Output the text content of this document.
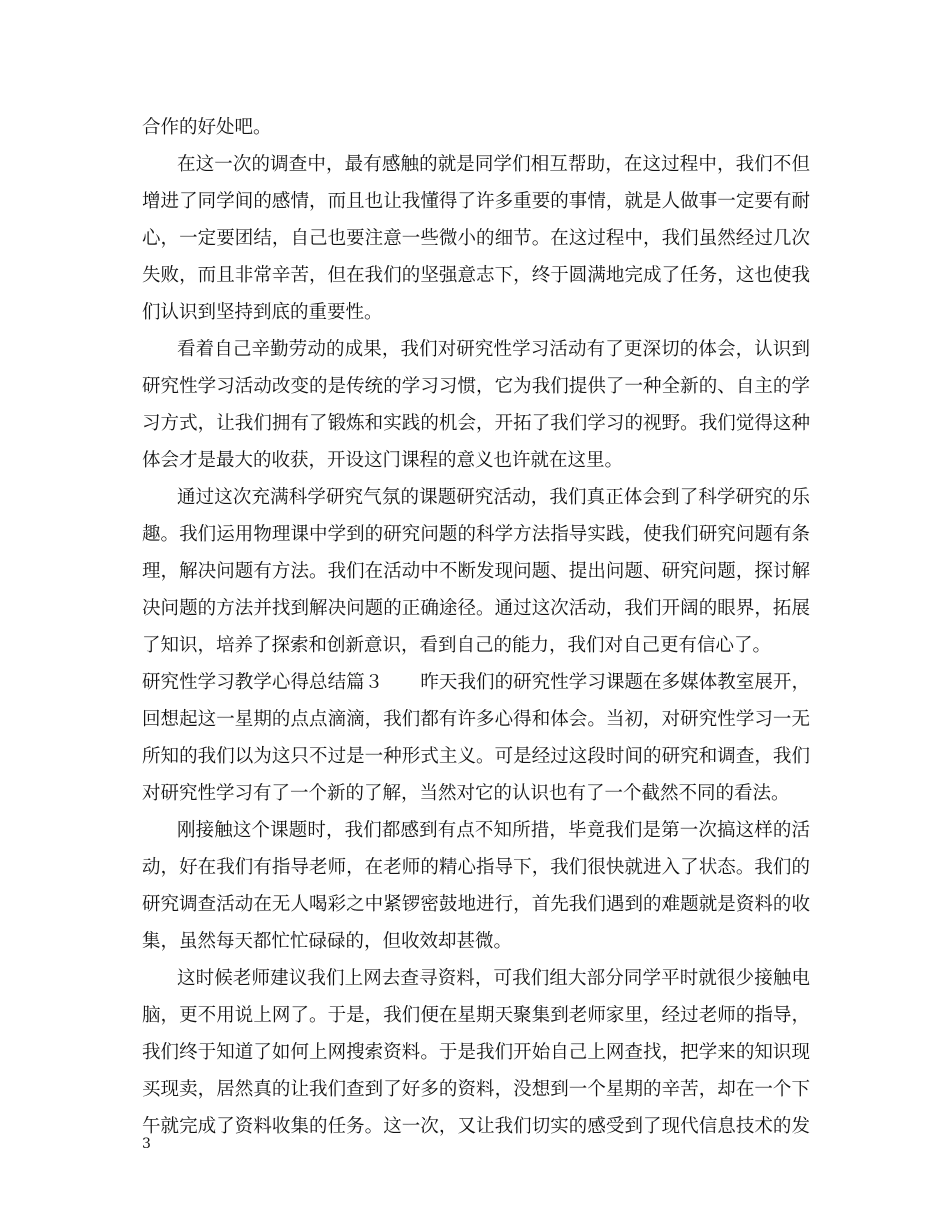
合作的好处吧。
在这一次的调查中，最有感触的就是同学们相互帮助，在这过程中，我们不但
增进了同学间的感情，而且也让我懂得了许多重要的事情，就是人做事一定要有耐
心，一定要团结，自己也要注意一些微小的细节。在这过程中，我们虽然经过几次
失败，而且非常辛苦，但在我们的坚强意志下，终于圆满地完成了任务，这也使我
们认识到坚持到底的重要性。
看着自己辛勤劳动的成果，我们对研究性学习活动有了更深切的体会，认识到
研究性学习活动改变的是传统的学习习惯，它为我们提供了一种全新的、自主的学
习方式，让我们拥有了锻炼和实践的机会，开拓了我们学习的视野。我们觉得这种
体会才是最大的收获，开设这门课程的意义也许就在这里。
通过这次充满科学研究气氛的课题研究活动，我们真正体会到了科学研究的乐
趣。我们运用物理课中学到的研究问题的科学方法指导实践，使我们研究问题有条
理，解决问题有方法。我们在活动中不断发现问题、提出问题、研究问题，探讨解
决问题的方法并找到解决问题的正确途径。通过这次活动，我们开阔的眼界，拓展
了知识，培养了探索和创新意识，看到自己的能力，我们对自己更有信心了。
研究性学习教学心得总结篇３　　昨天我们的研究性学习课题在多媒体教室展开，
回想起这一星期的点点滴滴，我们都有许多心得和体会。当初，对研究性学习一无
所知的我们以为这只不过是一种形式主义。可是经过这段时间的研究和调查，我们
对研究性学习有了一个新的了解，当然对它的认识也有了一个截然不同的看法。
刚接触这个课题时，我们都感到有点不知所措，毕竟我们是第一次搞这样的活
动，好在我们有指导老师，在老师的精心指导下，我们很快就进入了状态。我们的
研究调查活动在无人喝彩之中紧锣密鼓地进行，首先我们遇到的难题就是资料的收
集，虽然每天都忙忙碌碌的，但收效却甚微。
这时候老师建议我们上网去查寻资料，可我们组大部分同学平时就很少接触电
脑，更不用说上网了。于是，我们便在星期天聚集到老师家里，经过老师的指导，
我们终于知道了如何上网搜索资料。于是我们开始自己上网查找，把学来的知识现
买现卖，居然真的让我们查到了好多的资料，没想到一个星期的辛苦，却在一个下
午就完成了资料收集的任务。这一次，又让我们切实的感受到了现代信息技术的发
3
